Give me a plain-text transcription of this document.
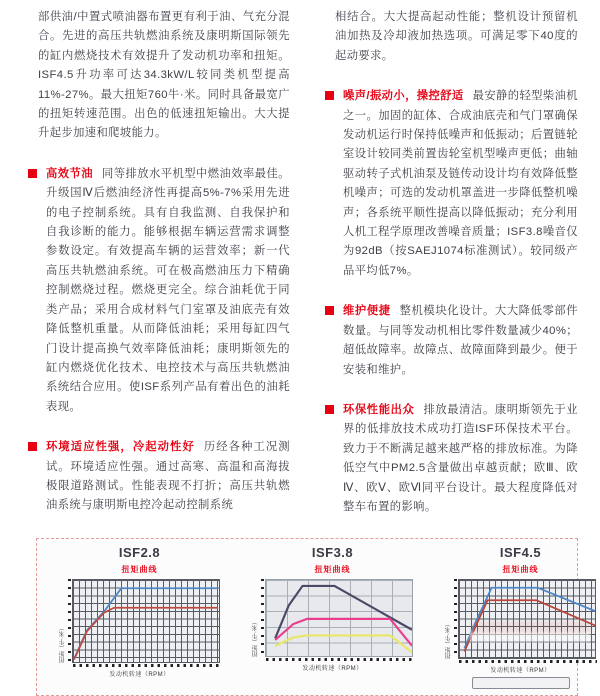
部供油/中置式喷油器布置更有利于油、气充分混合。先进的高压共轨燃油系统及康明斯国际领先的缸内燃烧技术有效提升了发动机功率和扭矩。ISF4.5升功率可达34.3kW/L较同类机型提高11%-27%。最大扭矩760牛·米。同时具备最宽广的扭矩转速范围。出色的低速扭矩输出。大大提升起步加速和爬坡能力。

高效节油 同等排放水平机型中燃油效率最佳。升级国Ⅳ后燃油经济性再提高5%-7%采用先进的电子控制系统。具有自我监测、自我保护和自我诊断的能力。能够根据车辆运营需求调整参数设定。有效提高车辆的运营效率；新一代高压共轨燃油系统。可在极高燃油压力下精确控制燃烧过程。燃烧更完全。综合油耗优于同类产品；采用合成材料气门室罩及油底壳有效降低整机重量。从而降低油耗；采用每缸四气门设计提高换气效率降低油耗；康明斯领先的缸内燃烧优化技术、电控技术与高压共轨燃油系统结合应用。使ISF系列产品有着出色的油耗表现。
环境适应性强，冷起动性好 历经各种工况测试。环境适应性强。通过高寒、高温和高海拔极限道路测试。性能表现不打折；高压共轨燃油系统与康明斯电控冷起动控制系统

相结合。大大提高起动性能；整机设计预留机油加热及冷却液加热选项。可满足零下40度的起动要求。

噪声/振动小，操控舒适 最安静的轻型柴油机之一。加固的缸体、合成油底壳和气门罩确保发动机运行时保持低噪声和低振动；后置链轮室设计较同类前置齿轮室机型噪声更低；曲轴驱动转子式机油泵及链传动设计均有效降低整机噪声；可选的发动机罩盖进一步降低整机噪声；各系统平顺性提高以降低振动；充分利用人机工程学原理改善噪音质量；ISF3.8噪音仅为92dB（按SAEJ1074标准测试）。较同级产品平均低7%。
维护便捷 整机模块化设计。大大降低零部件数量。与同等发动机相比零件数量减少40%；超低故障率。故障点、故障面降到最少。便于安装和维护。
环保性能出众 排放最清洁。康明斯领先于业界的低排放技术成功打造ISF环保技术平台。致力于不断满足越来越严格的排放标准。为降低空气中PM2.5含量做出卓越贡献；欧Ⅲ、欧Ⅳ、欧Ⅴ、欧Ⅵ同平台设计。最大程度降低对整车布置的影响。
ISF2.8
扭矩曲线
扭矩（牛·米）
发动机转速（RPM）
ISF3.8
扭矩曲线
扭矩（牛·米）
发动机转速（RPM）
ISF4.5
扭矩曲线
扭矩（牛·米）
发动机转速（RPM）
